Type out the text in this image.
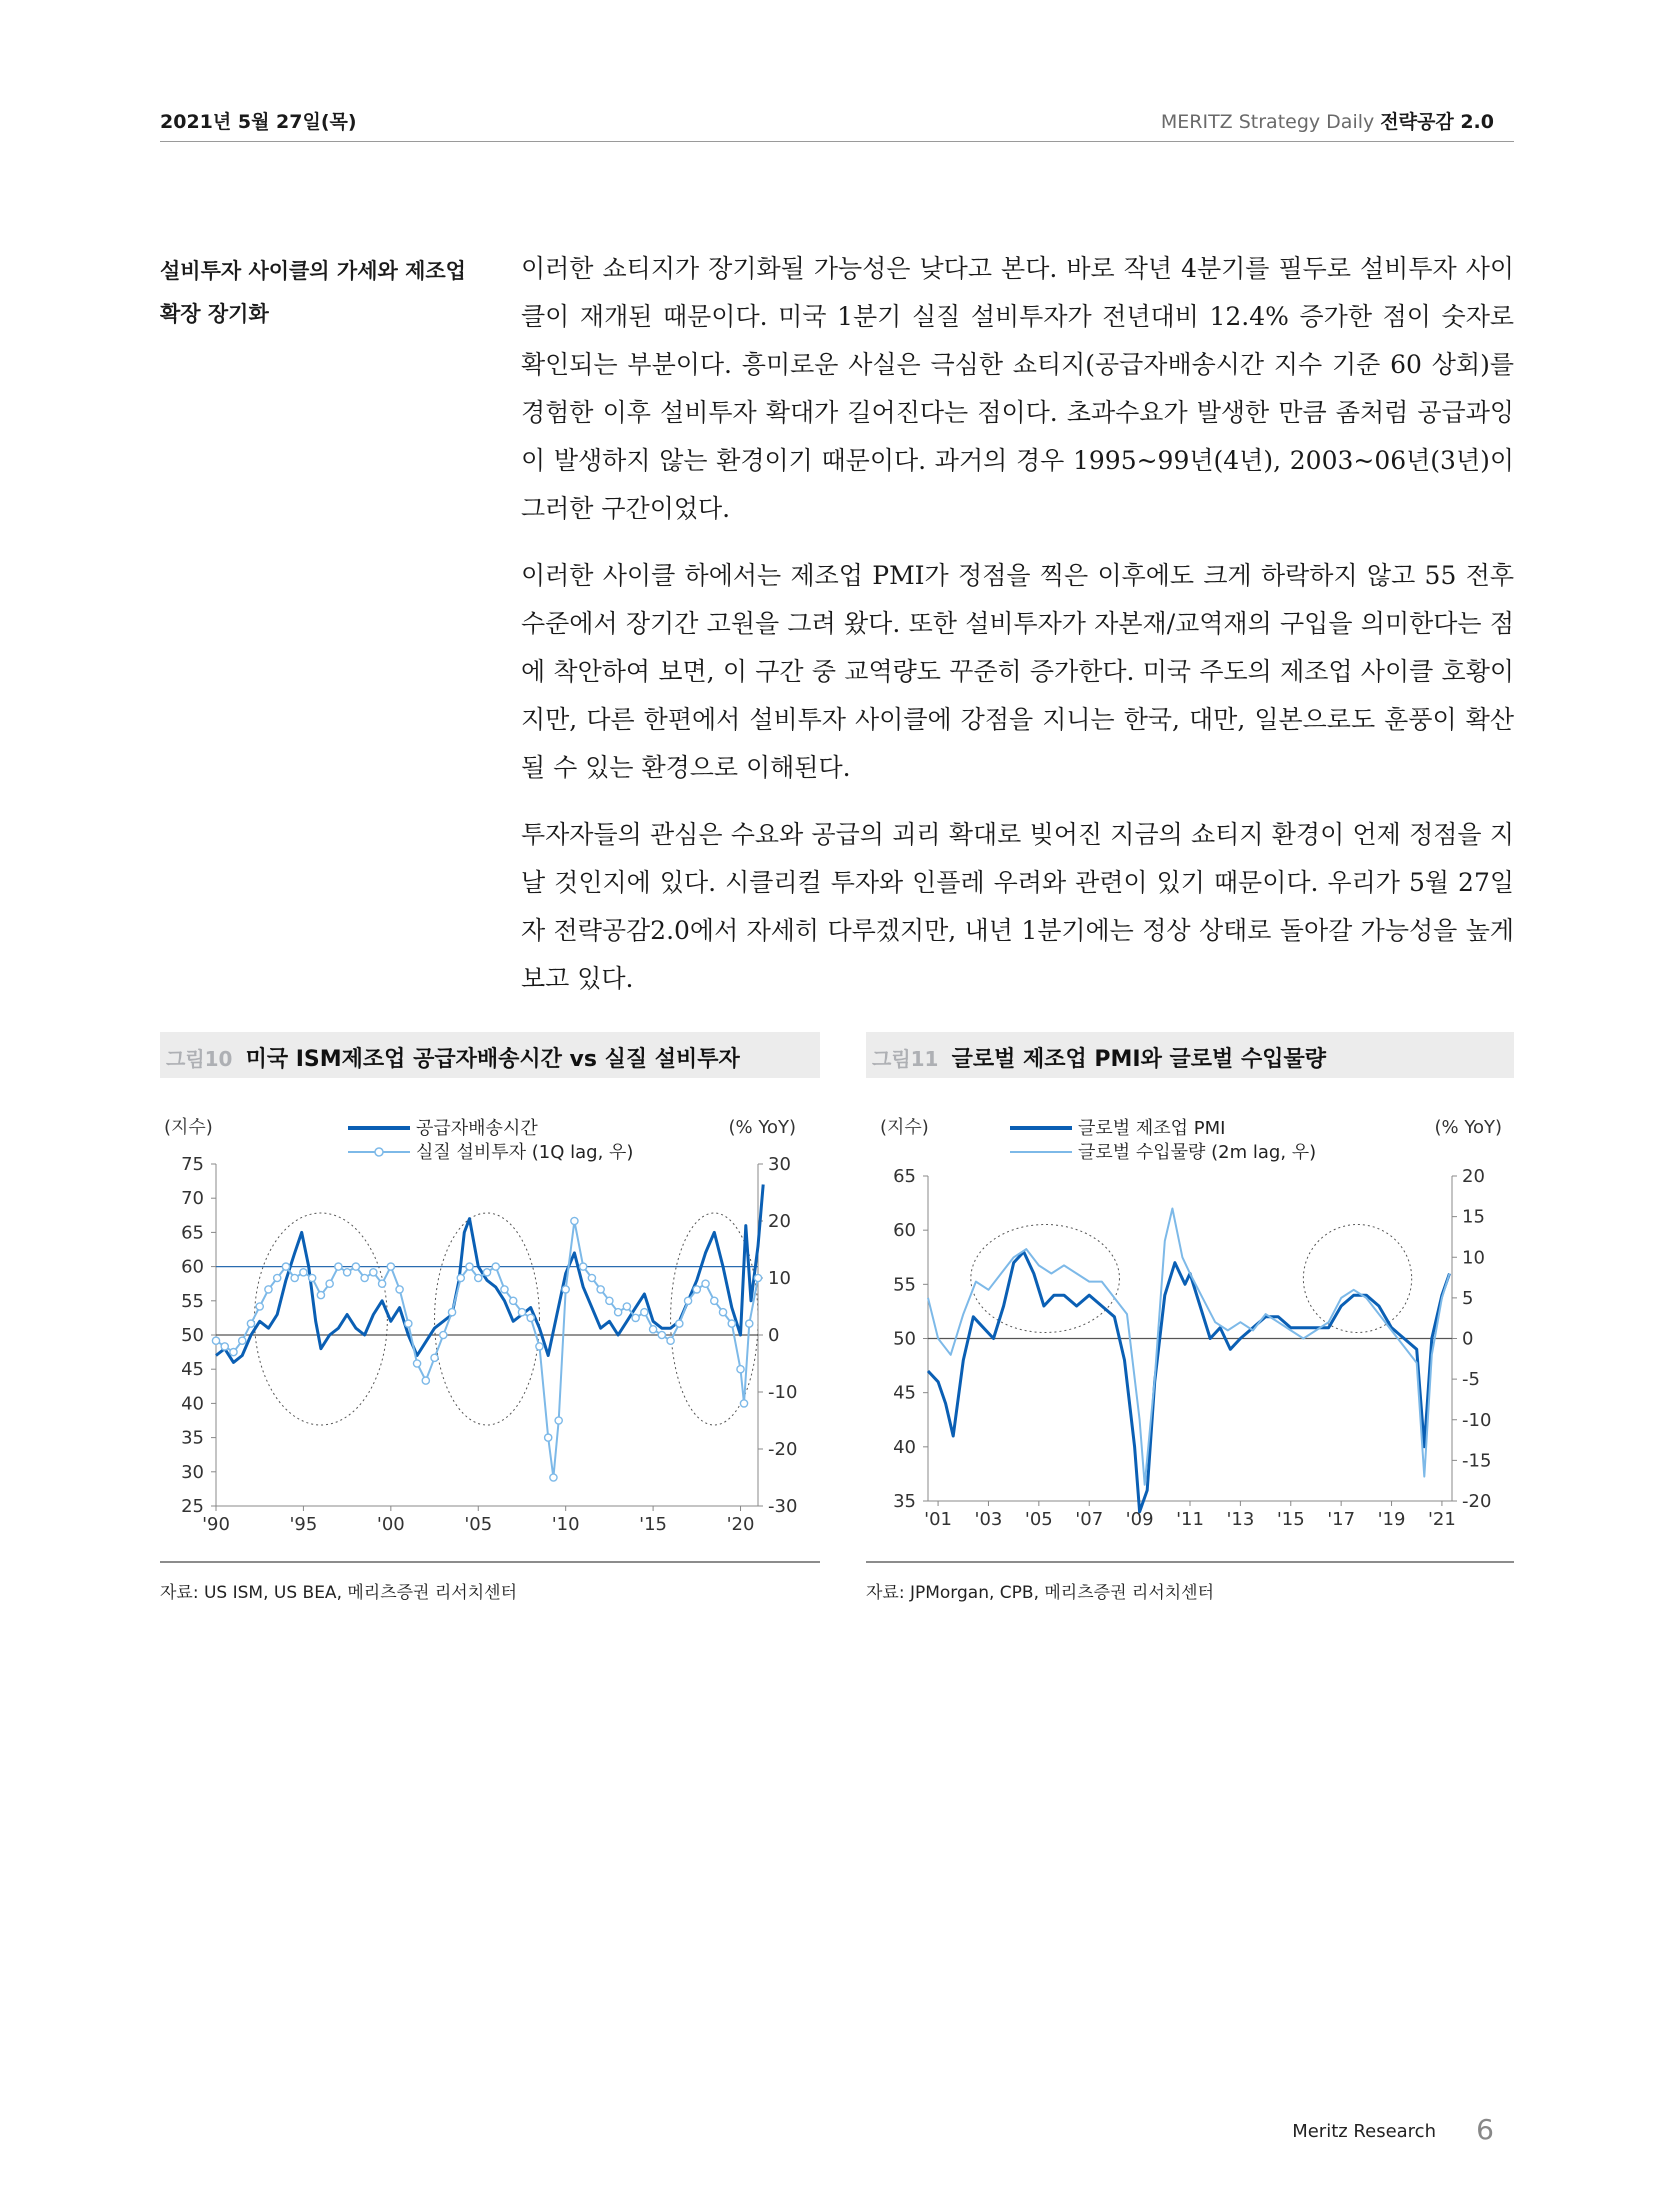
2021년 5월 27일(목)	MERITZ Strategy Daily 전략공감 2.0
설비투자 사이클의 가세와 제조업
확장 장기화
이러한 쇼티지가 장기화될 가능성은 낮다고 본다. 바로 작년 4분기를 필두로 설비투자 사이클이 재개된 때문이다. 미국 1분기 실질 설비투자가 전년대비 12.4% 증가한 점이 숫자로 확인되는 부분이다. 흥미로운 사실은 극심한 쇼티지(공급자배송시간 지수 기준 60 상회)를 경험한 이후 설비투자 확대가 길어진다는 점이다. 초과수요가 발생한 만큼 좀처럼 공급과잉이 발생하지 않는 환경이기 때문이다. 과거의 경우 1995~99년(4년), 2003~06년(3년)이 그러한 구간이었다.
이러한 사이클 하에서는 제조업 PMI가 정점을 찍은 이후에도 크게 하락하지 않고 55 전후 수준에서 장기간 고원을 그려 왔다. 또한 설비투자가 자본재/교역재의 구입을 의미한다는 점에 착안하여 보면, 이 구간 중 교역량도 꾸준히 증가한다. 미국 주도의 제조업 사이클 호황이지만, 다른 한편에서 설비투자 사이클에 강점을 지니는 한국, 대만, 일본으로도 훈풍이 확산될 수 있는 환경으로 이해된다.
투자자들의 관심은 수요와 공급의 괴리 확대로 빚어진 지금의 쇼티지 환경이 언제 정점을 지날 것인지에 있다. 시클리컬 투자와 인플레 우려와 관련이 있기 때문이다. 우리가 5월 27일자 전략공감2.0에서 자세히 다루겠지만, 내년 1분기에는 정상 상태로 돌아갈 가능성을 높게 보고 있다.
그림10 미국 ISM제조업 공급자배송시간 vs 실질 설비투자
75
70
65
60
55
50
45
40
35
30
25
30
20
10
0
-10
-20
-30
'90	'95	'00	'05	'10	'15	'20
공급자배송시간
실질 설비투자 (1Q lag, 우)
(지수)	(% YoY)
자료: US ISM, US BEA, 메리츠증권 리서치센터
그림11 글로벌 제조업 PMI와 글로벌 수입물량
65
60
55
50
45
40
35
20
15
10
5
0
-5
-10
-15
-20
'01 '03 '05 '07 '09 '11 '13 '15 '17 '19 '21
글로벌 제조업 PMI
글로벌 수입물량 (2m lag, 우)
(지수)	(% YoY)
자료: JPMorgan, CPB, 메리츠증권 리서치센터
Meritz Research 6
